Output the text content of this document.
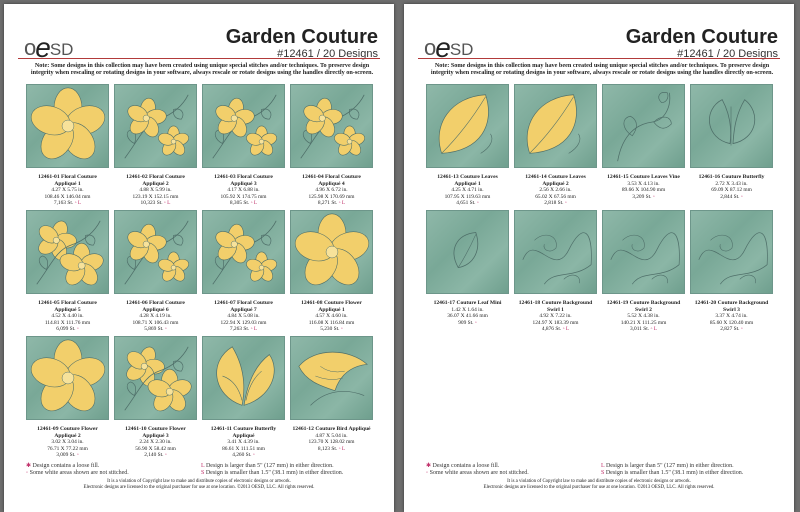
oeSD
Garden Couture
#12461 / 20 Designs
Note: Some designs in this collection may have been created using unique special stitches and/or techniques. To preserve design integrity when rescaling or rotating designs in your software, always rescale or rotate designs using the handles directly on-screen.
12461-01 Floral Couture
Appliqué 1
4.27 X 5.75 in.
108.46 X 146.04 mm
7,163 St. ◦ L
12461-02 Floral Couture
Appliqué 2
4.88 X 5.99 in.
123.19 X 152.15 mm
10,323 St. ◦ L
12461-03 Floral Couture
Appliqué 3
4.17 X 6.88 in.
105.92 X 174.75 mm
8,305 St. ◦ L
12461-04 Floral Couture
Appliqué 4
4.96 X 6.72 in.
125.98 X 170.69 mm
8,271 St. ◦ L
12461-05 Floral Couture
Appliqué 5
4.52 X 4.40 in.
114.81 X 111.76 mm
6,099 St. ◦
12461-06 Floral Couture
Appliqué 6
4.28 X 4.19 in.
108.71 X 106.43 mm
5,869 St. ◦
12461-07 Floral Couture
Appliqué 7
4.84 X 5.08 in.
122.94 X 129.03 mm
7,263 St. ◦ L
12461-08 Couture Flower
Appliqué 1
4.57 X 4.60 in.
116.08 X 116.84 mm
5,230 St. ◦
12461-09 Couture Flower
Appliqué 2
3.02 X 3.04 in.
76.71 X 77.22 mm
3,009 St. ◦
12461-10 Couture Flower
Appliqué 3
2.24 X 2.30 in.
56.90 X 58.42 mm
2,140 St. ◦
12461-11 Couture Butterfly
Appliqué
3.41 X 4.39 in.
86.61 X 111.51 mm
4,260 St. ◦
12461-12 Couture Bird Appliqué
4.87 X 5.04 in.
123.70 X 128.02 mm
8,123 St. ◦ L
✱ Design contains a loose fill.	L Design is larger than 5" (127 mm) in either direction.
◦ Some white areas shown are not stitched.	S Design is smaller than 1.5" (38.1 mm) in either direction.
It is a violation of Copyright law to make and distribute copies of electronic designs or artwork.
Electronic designs are licensed to the original purchaser for use at one location. ©2013 OESD, LLC. All rights reserved.
oeSD
Garden Couture
#12461 / 20 Designs
Note: Some designs in this collection may have been created using unique special stitches and/or techniques. To preserve design integrity when rescaling or rotating designs in your software, always rescale or rotate designs using the handles directly on-screen.
12461-13 Couture Leaves
Appliqué 1
4.25 X 4.71 in.
107.95 X 119.63 mm
4,651 St. ◦
12461-14 Couture Leaves
Appliqué 2
2.56 X 2.66 in.
65.02 X 67.56 mm
2,818 St. ◦
12461-15 Couture Leaves Vine
3.53 X 4.13 in.
89.66 X 104.90 mm
3,209 St. ◦
12461-16 Couture Butterfly
2.72 X 3.43 in.
69.09 X 87.12 mm
2,844 St. ◦
12461-17 Couture Leaf Mini
1.42 X 1.64 in.
36.07 X 41.66 mm
909 St. ◦
12461-18 Couture Background
Swirl 1
4.92 X 7.22 in.
124.97 X 183.39 mm
4,876 St. ◦ L
12461-19 Couture Background
Swirl 2
5.52 X 4.38 in.
140.21 X 111.25 mm
3,011 St. ◦ L
12461-20 Couture Background
Swirl 3
3.37 X 4.74 in.
85.60 X 120.40 mm
2,827 St. ◦
✱ Design contains a loose fill.	L Design is larger than 5" (127 mm) in either direction.
◦ Some white areas shown are not stitched.	S Design is smaller than 1.5" (38.1 mm) in either direction.
It is a violation of Copyright law to make and distribute copies of electronic designs or artwork.
Electronic designs are licensed to the original purchaser for use at one location. ©2013 OESD, LLC. All rights reserved.
